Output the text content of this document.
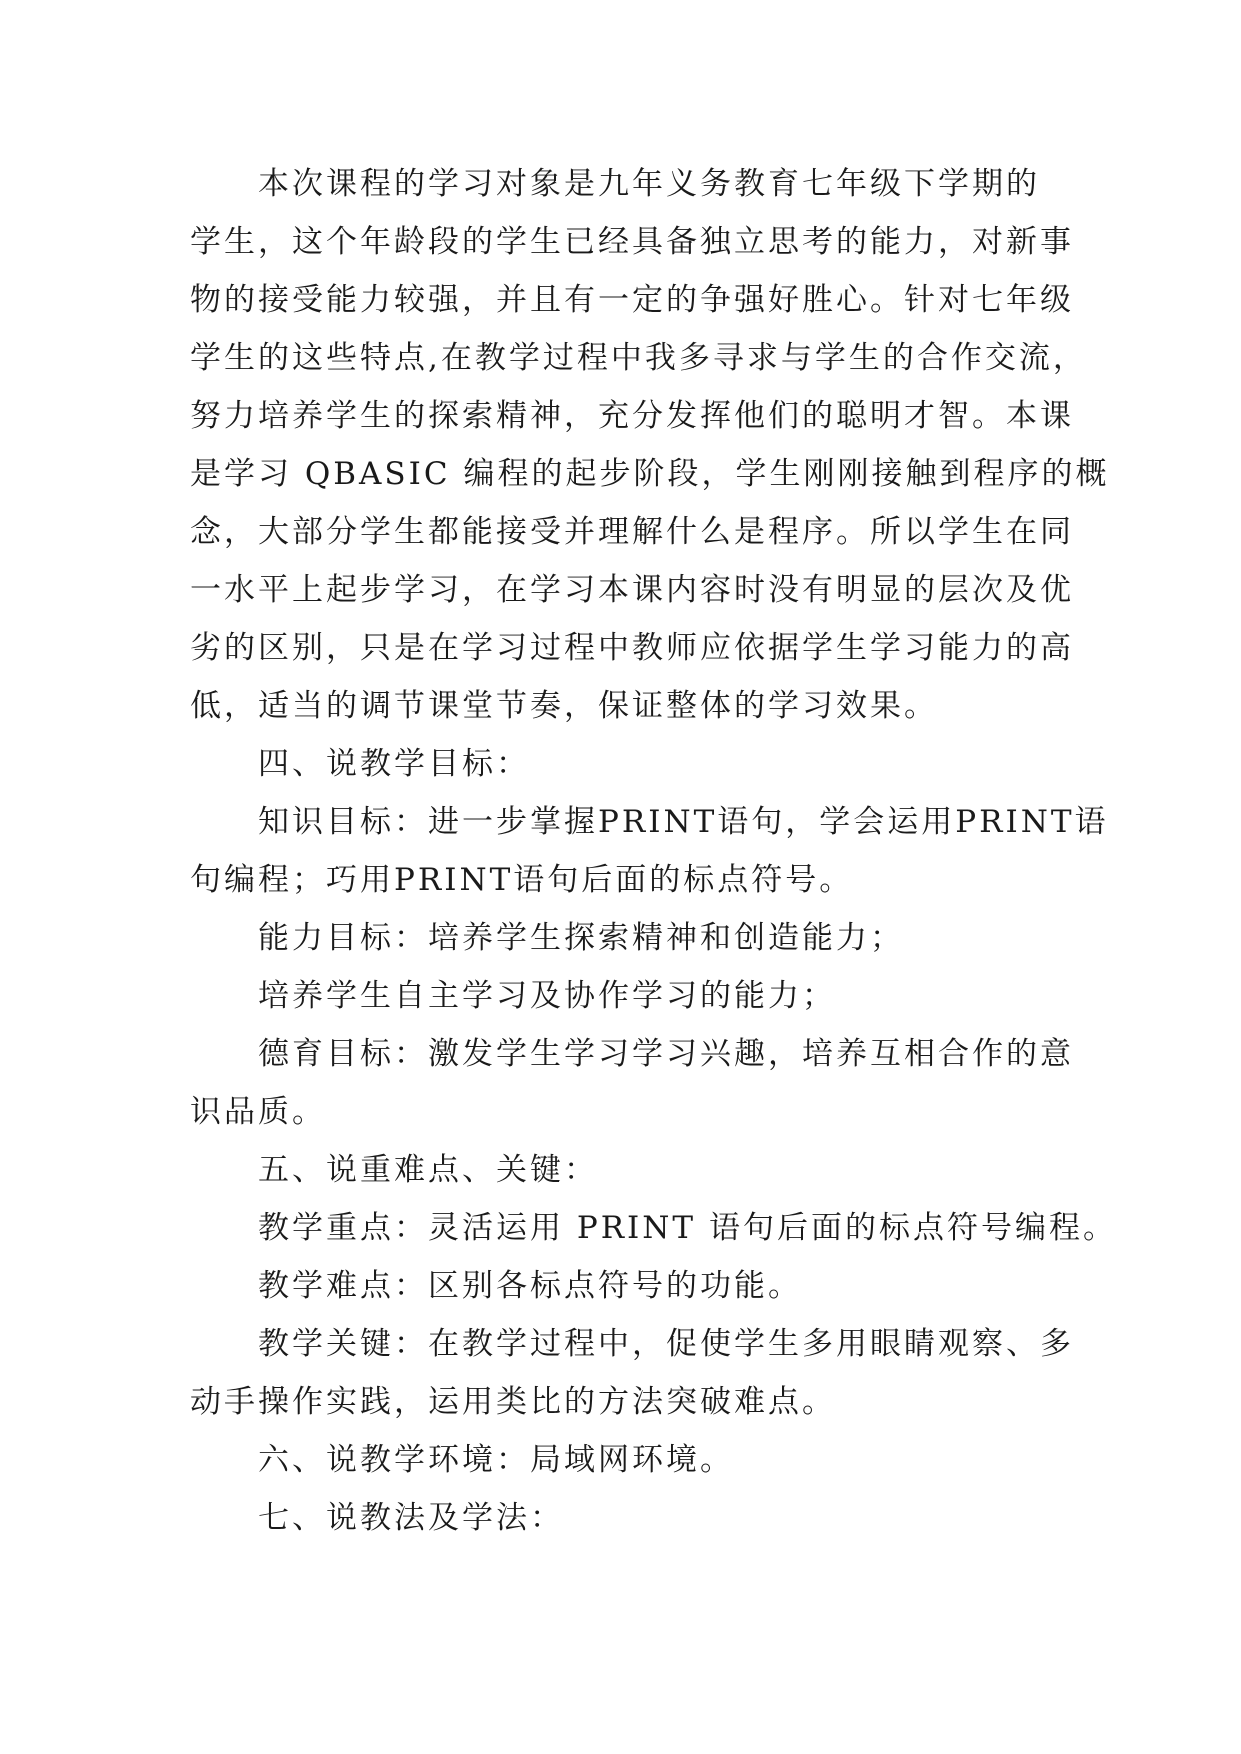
本次课程的学习对象是九年义务教育七年级下学期的
学生，这个年龄段的学生已经具备独立思考的能力，对新事
物的接受能力较强，并且有一定的争强好胜心。针对七年级
学生的这些特点,在教学过程中我多寻求与学生的合作交流，
努力培养学生的探索精神，充分发挥他们的聪明才智。本课
是学习 QBASIC 编程的起步阶段，学生刚刚接触到程序的概
念，大部分学生都能接受并理解什么是程序。所以学生在同
一水平上起步学习，在学习本课内容时没有明显的层次及优
劣的区别，只是在学习过程中教师应依据学生学习能力的高
低，适当的调节课堂节奏，保证整体的学习效果。
四、说教学目标：
知识目标：进一步掌握PRINT语句，学会运用PRINT语
句编程；巧用PRINT语句后面的标点符号。
能力目标：培养学生探索精神和创造能力；
培养学生自主学习及协作学习的能力；
德育目标：激发学生学习学习兴趣，培养互相合作的意
识品质。
五、说重难点、关键：
教学重点：灵活运用 PRINT 语句后面的标点符号编程。
教学难点：区别各标点符号的功能。
教学关键：在教学过程中，促使学生多用眼睛观察、多
动手操作实践，运用类比的方法突破难点。
六、说教学环境：局域网环境。
七、说教法及学法：
